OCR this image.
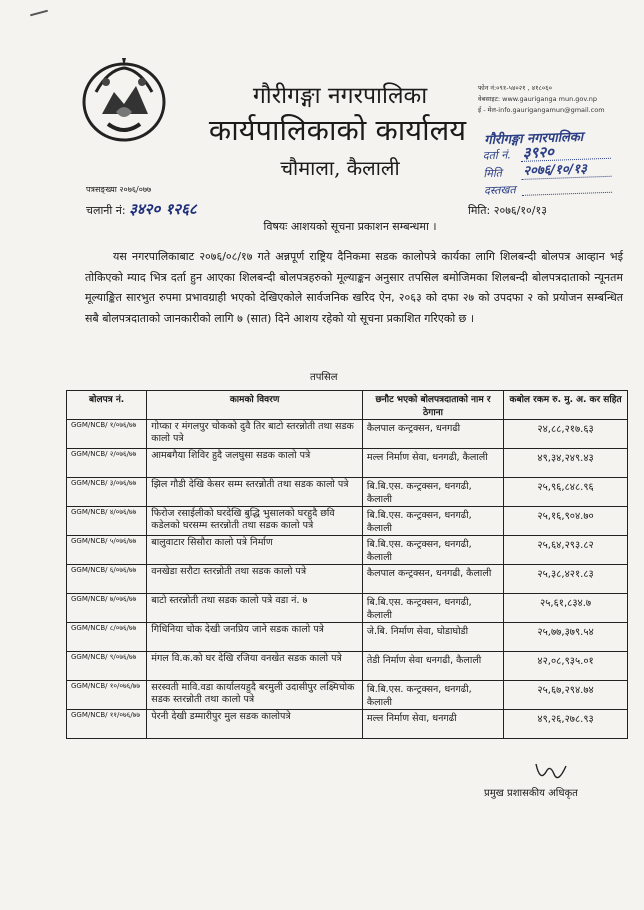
गौरीगङ्गा नगरपालिका
कार्यपालिकाको कार्यालय
चौमाला, कैलाली
फोन नं:०९१-५४०२१ , ४१८०६०
वेबसाइट: www.gauriganga mun.gov.np
ई - मेल-info.gaurigangamun@gmail.com
गौरीगङ्गा नगरपालिका
दर्ता नं. ३९२०
मिति २०७६/१०/१३
दस्तखत
पत्रसङ्ख्या २०७६/०७७
चलानी नं: ३४२० १२६८	मिति: २०७६/१०/१३
विषयः आशयको सूचना प्रकाशन सम्बन्धमा ।
यस नगरपालिकाबाट २०७६/०८/१७ गते अन्नपूर्ण राष्ट्रिय दैनिकमा सडक कालोपत्रे कार्यका लागि शिलबन्दी बोलपत्र आव्हान भई तोकिएको म्याद भित्र दर्ता हुन आएका शिलबन्दी बोलपत्रहरुको मूल्याङ्कन अनुसार तपसिल बमोजिमका शिलबन्दी बोलपत्रदाताको न्यूनतम मूल्याङ्कित सारभुत रुपमा प्रभावग्राही भएको देखिएकोले सार्वजनिक खरिद ऐन, २०६३ को दफा २७ को उपदफा २ को प्रयोजन सम्बन्धित सबै बोलपत्रदाताको जानकारीको लागि ७ (सात) दिने आशय रहेको यो सूचना प्रकाशित गरिएको छ ।
तपसिल
बोलपत्र नं.	कामको विवरण	छनौट भएको बोलपत्रदाताको नाम र ठेगाना	कबोल रकम रु. मु. अ. कर सहित
GGM/NCB/ १/०७६/७७	गोप्का र मंगलपुर चोकको दुवै तिर बाटो स्तरन्नोती तथा सडक कालो पत्रे	कैलपाल कन्ट्रक्सन, धनगढी	२४,८८,२१७.६३
GGM/NCB/ २/०७६/७७	आमबगैया शिविर हुदै जलघुसा सडक कालो पत्रे	मल्ल निर्माण सेवा, धनगढी, कैलाली	४९,३४,२४९.४३
GGM/NCB/ ३/०७६/७७	झिल गौडी देखि केसर सम्म स्तरन्नोती तथा सडक कालो पत्रे	बि.बि.एस. कन्ट्रक्सन, धनगढी, कैलाली	२५,९६,८४८.९६
GGM/NCB/ ४/०७६/७७	फिरोज रसाईलीको घरदेखि बुद्धि भुसालको घरहुदै छवि कडेलको घरसम्म स्तरन्नोती तथा सडक कालो पत्रे	बि.बि.एस. कन्ट्रक्सन, धनगढी, कैलाली	२५,१६,९०४.७०
GGM/NCB/ ५/०७६/७७	बालुवाटार सिसौरा कालो पत्रे निर्माण	बि.बि.एस. कन्ट्रक्सन, धनगढी, कैलाली	२५,६४,२९३.८२
GGM/NCB/ ६/०७६/७७	वनखेडा सरौटा स्तरन्नोती तथा सडक कालो पत्रे	कैलपाल कन्ट्रक्सन, धनगढी, कैलाली	२५,३८,४२१.८३
GGM/NCB/ ७/०७६/७७	बाटो स्तरन्नोती तथा सडक कालो पत्रे वडा नं. ७	बि.बि.एस. कन्ट्रक्सन, धनगढी, कैलाली	२५,६१,८३४.७
GGM/NCB/ ८/०७६/७७	गिधिनिया चोक देखी जनप्रिय जाने सडक कालो पत्रे	जे.बि. निर्माण सेवा, घोडाघोडी	२५,७७,३७९.५४
GGM/NCB/ ९/०७६/७७	मंगल वि.क.को घर देखि रजिया वनखेत सडक कालो पत्रे	तेडी निर्माण सेवा धनगढी, कैलाली	४२,०८,९३५.०१
GGM/NCB/ १०/०७६/७७	सरस्वती मावि.वडा कार्यालयहुदै बरमुली उदासीपुर लक्ष्मिचोक सडक स्तरन्नोती तथा कालो पत्रे	बि.बि.एस. कन्ट्रक्सन, धनगढी, कैलाली	२५,६७,२९४.७४
GGM/NCB/ ११/०७६/७७	पेरनी देखी डम्मारीपुर मुल सडक कालोपत्रे	मल्ल निर्माण सेवा, धनगढी	४९,२६,२७८.९३
प्रमुख प्रशासकीय अधिकृत
